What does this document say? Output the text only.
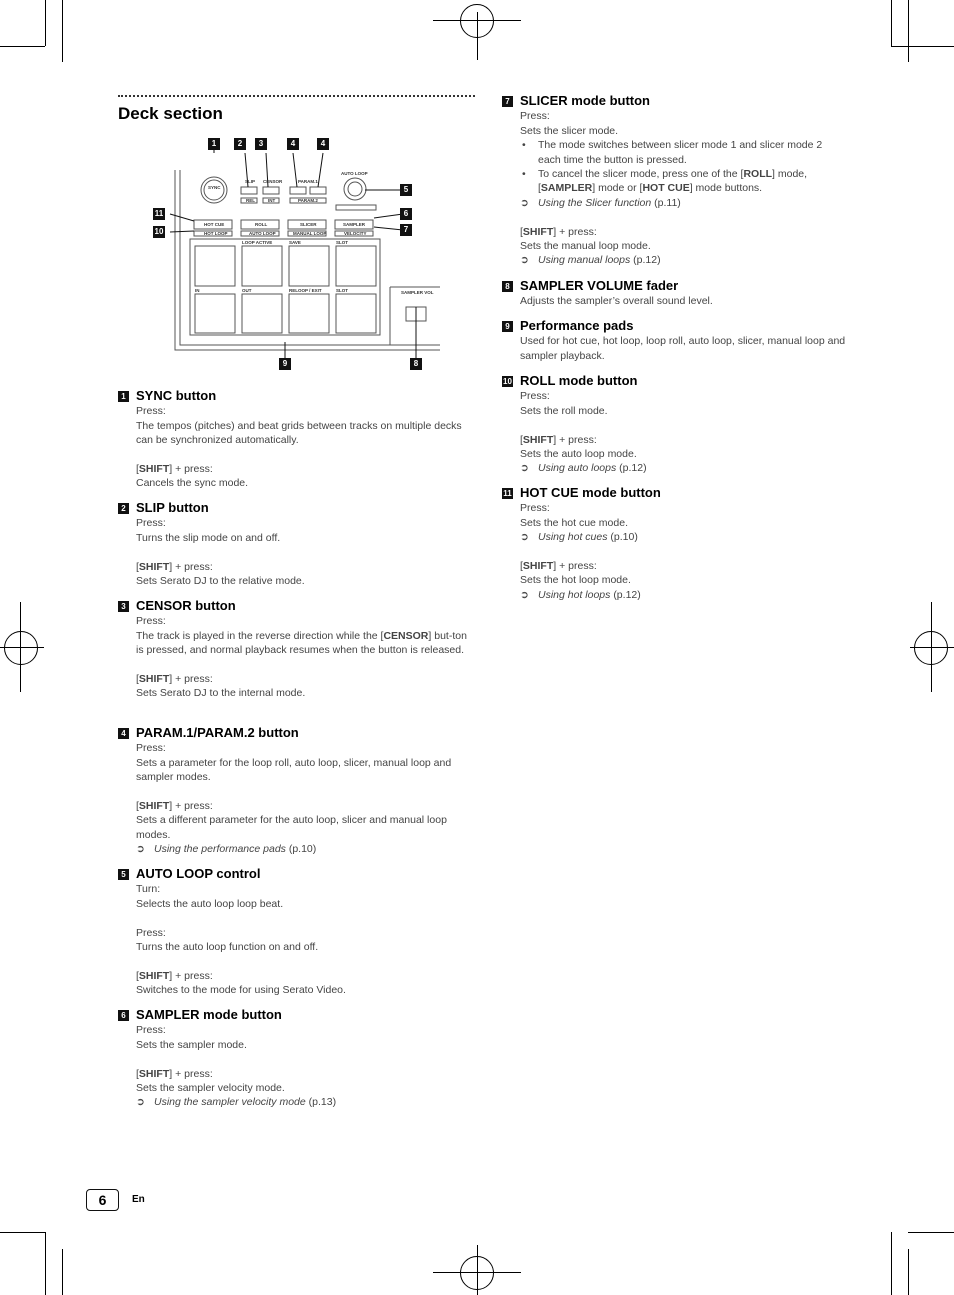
Deck section
SYNC
SLIP CENSOR	PARAM.1
PARAM.2
AUTO LOOP
REL	INT
HOT CUE
HOT LOOP
ROLL
AUTO LOOP
SLICER
MANUAL LOOP
SAMPLER
VELOCITY
LOOP ACTIVE	SAVE	SLOT
IN	OUT	RELOOP / EXIT	SLOT	SAMPLER VOL
1	2	3	4	4
5
6
7
8
9
10
11
1 SYNC button

Press:

The tempos (pitches) and beat grids between tracks on multiple decks can be synchronized automatically.

[SHIFT] + press:

Cancels the sync mode.

2 SLIP button

Press:

Turns the slip mode on and off.

[SHIFT] + press:

Sets Serato DJ to the relative mode.

3 CENSOR button

Press:

The track is played in the reverse direction while the [CENSOR] but-ton is pressed, and normal playback resumes when the button is released.

[SHIFT] + press:

Sets Serato DJ to the internal mode.

4 PARAM.1/PARAM.2 button

Press:

Sets a parameter for the loop roll, auto loop, slicer, manual loop and sampler modes.

[SHIFT] + press:

Sets a different parameter for the auto loop, slicer and manual loop modes.

➲ Using the performance pads (p.10)

5 AUTO LOOP control

Turn:

Selects the auto loop loop beat.

Press:

Turns the auto loop function on and off.

[SHIFT] + press:

Switches to the mode for using Serato Video.

6 SAMPLER mode button

Press:

Sets the sampler mode.

[SHIFT] + press:

Sets the sampler velocity mode.

➲ Using the sampler velocity mode (p.13)

7 SLICER mode button

Press:

Sets the slicer mode.

• The mode switches between slicer mode 1 and slicer mode 2 each time the button is pressed.
• To cancel the slicer mode, press one of the [ROLL] mode, [SAMPLER] mode or [HOT CUE] mode buttons.

➲ Using the Slicer function (p.11)

[SHIFT] + press:

Sets the manual loop mode.

➲ Using manual loops (p.12)

8 SAMPLER VOLUME fader

Adjusts the sampler’s overall sound level.

9 Performance pads

Used for hot cue, hot loop, loop roll, auto loop, slicer, manual loop and sampler playback.

10 ROLL mode button

Press:

Sets the roll mode.

[SHIFT] + press:

Sets the auto loop mode.

➲ Using auto loops (p.12)

11 HOT CUE mode button

Press:

Sets the hot cue mode.

➲ Using hot cues (p.10)

[SHIFT] + press:

Sets the hot loop mode.

➲ Using hot loops (p.12)

6	En
